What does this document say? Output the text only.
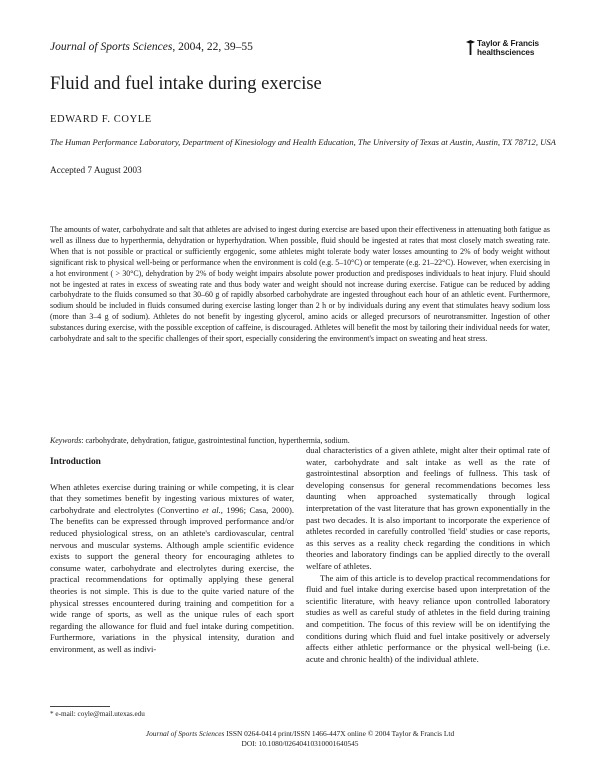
Journal of Sports Sciences, 2004, 22, 39–55	Taylor & Francis
healthsciences
Fluid and fuel intake during exercise
EDWARD F. COYLE
The Human Performance Laboratory, Department of Kinesiology and Health Education, The University of Texas at Austin, Austin, TX 78712, USA
Accepted 7 August 2003

The amounts of water, carbohydrate and salt that athletes are advised to ingest during exercise are based upon their effectiveness in attenuating both fatigue as well as illness due to hyperthermia, dehydration or hyperhydration. When possible, fluid should be ingested at rates that most closely match sweating rate. When that is not possible or practical or sufficiently ergogenic, some athletes might tolerate body water losses amounting to 2% of body weight without significant risk to physical well-being or performance when the environment is cold (e.g. 5–10°C) or temperate (e.g. 21–22°C). However, when exercising in a hot environment ( > 30°C), dehydration by 2% of body weight impairs absolute power production and predisposes individuals to heat injury. Fluid should not be ingested at rates in excess of sweating rate and thus body water and weight should not increase during exercise. Fatigue can be reduced by adding carbohydrate to the fluids consumed so that 30–60 g of rapidly absorbed carbohydrate are ingested throughout each hour of an athletic event. Furthermore, sodium should be included in fluids consumed during exercise lasting longer than 2 h or by individuals during any event that stimulates heavy sodium loss (more than 3–4 g of sodium). Athletes do not benefit by ingesting glycerol, amino acids or alleged precursors of neurotransmitter. Ingestion of other substances during exercise, with the possible exception of caffeine, is discouraged. Athletes will benefit the most by tailoring their individual needs for water, carbohydrate and salt to the specific challenges of their sport, especially considering the environment's impact on sweating and heat stress.

Keywords: carbohydrate, dehydration, fatigue, gastrointestinal function, hyperthermia, sodium.
Introduction

When athletes exercise during training or while competing, it is clear that they sometimes benefit by ingesting various mixtures of water, carbohydrate and electrolytes (Convertino et al., 1996; Casa, 2000). The benefits can be expressed through improved performance and/or reduced physiological stress, on an athlete's cardiovascular, central nervous and muscular systems. Although ample scientific evidence exists to support the general theory for encouraging athletes to consume water, carbohydrate and electrolytes during exercise, the practical recommendations for optimally applying these general theories is not simple. This is due to the quite varied nature of the physical stresses encountered during training and competition for a wide range of sports, as well as the unique rules of each sport regarding the allowance for fluid and fuel intake during competition. Furthermore, variations in the physical intensity, duration and environment, as well as indivi-

dual characteristics of a given athlete, might alter their optimal rate of water, carbohydrate and salt intake as well as the rate of gastrointestinal absorption and feelings of fullness. This task of developing consensus for general recommendations becomes less daunting when approached systematically through logical interpretation of the vast literature that has grown exponentially in the past two decades. It is also important to incorporate the experience of athletes recorded in carefully controlled 'field' studies or case reports, as this serves as a reality check regarding the conditions in which theories and laboratory findings can be applied directly to the overall welfare of athletes.

The aim of this article is to develop practical recommendations for fluid and fuel intake during exercise based upon interpretation of the scientific literature, with heavy reliance upon controlled laboratory studies as well as careful study of athletes in the field during training and competition. The focus of this review will be on identifying the conditions during which fluid and fuel intake positively or adversely affects either athletic performance or the physical well-being (i.e. acute and chronic health) of the individual athlete.

* e-mail: coyle@mail.utexas.edu
Journal of Sports Sciences ISSN 0264-0414 print/ISSN 1466-447X online © 2004 Taylor & Francis Ltd
DOI: 10.1080/02640410310001640545
